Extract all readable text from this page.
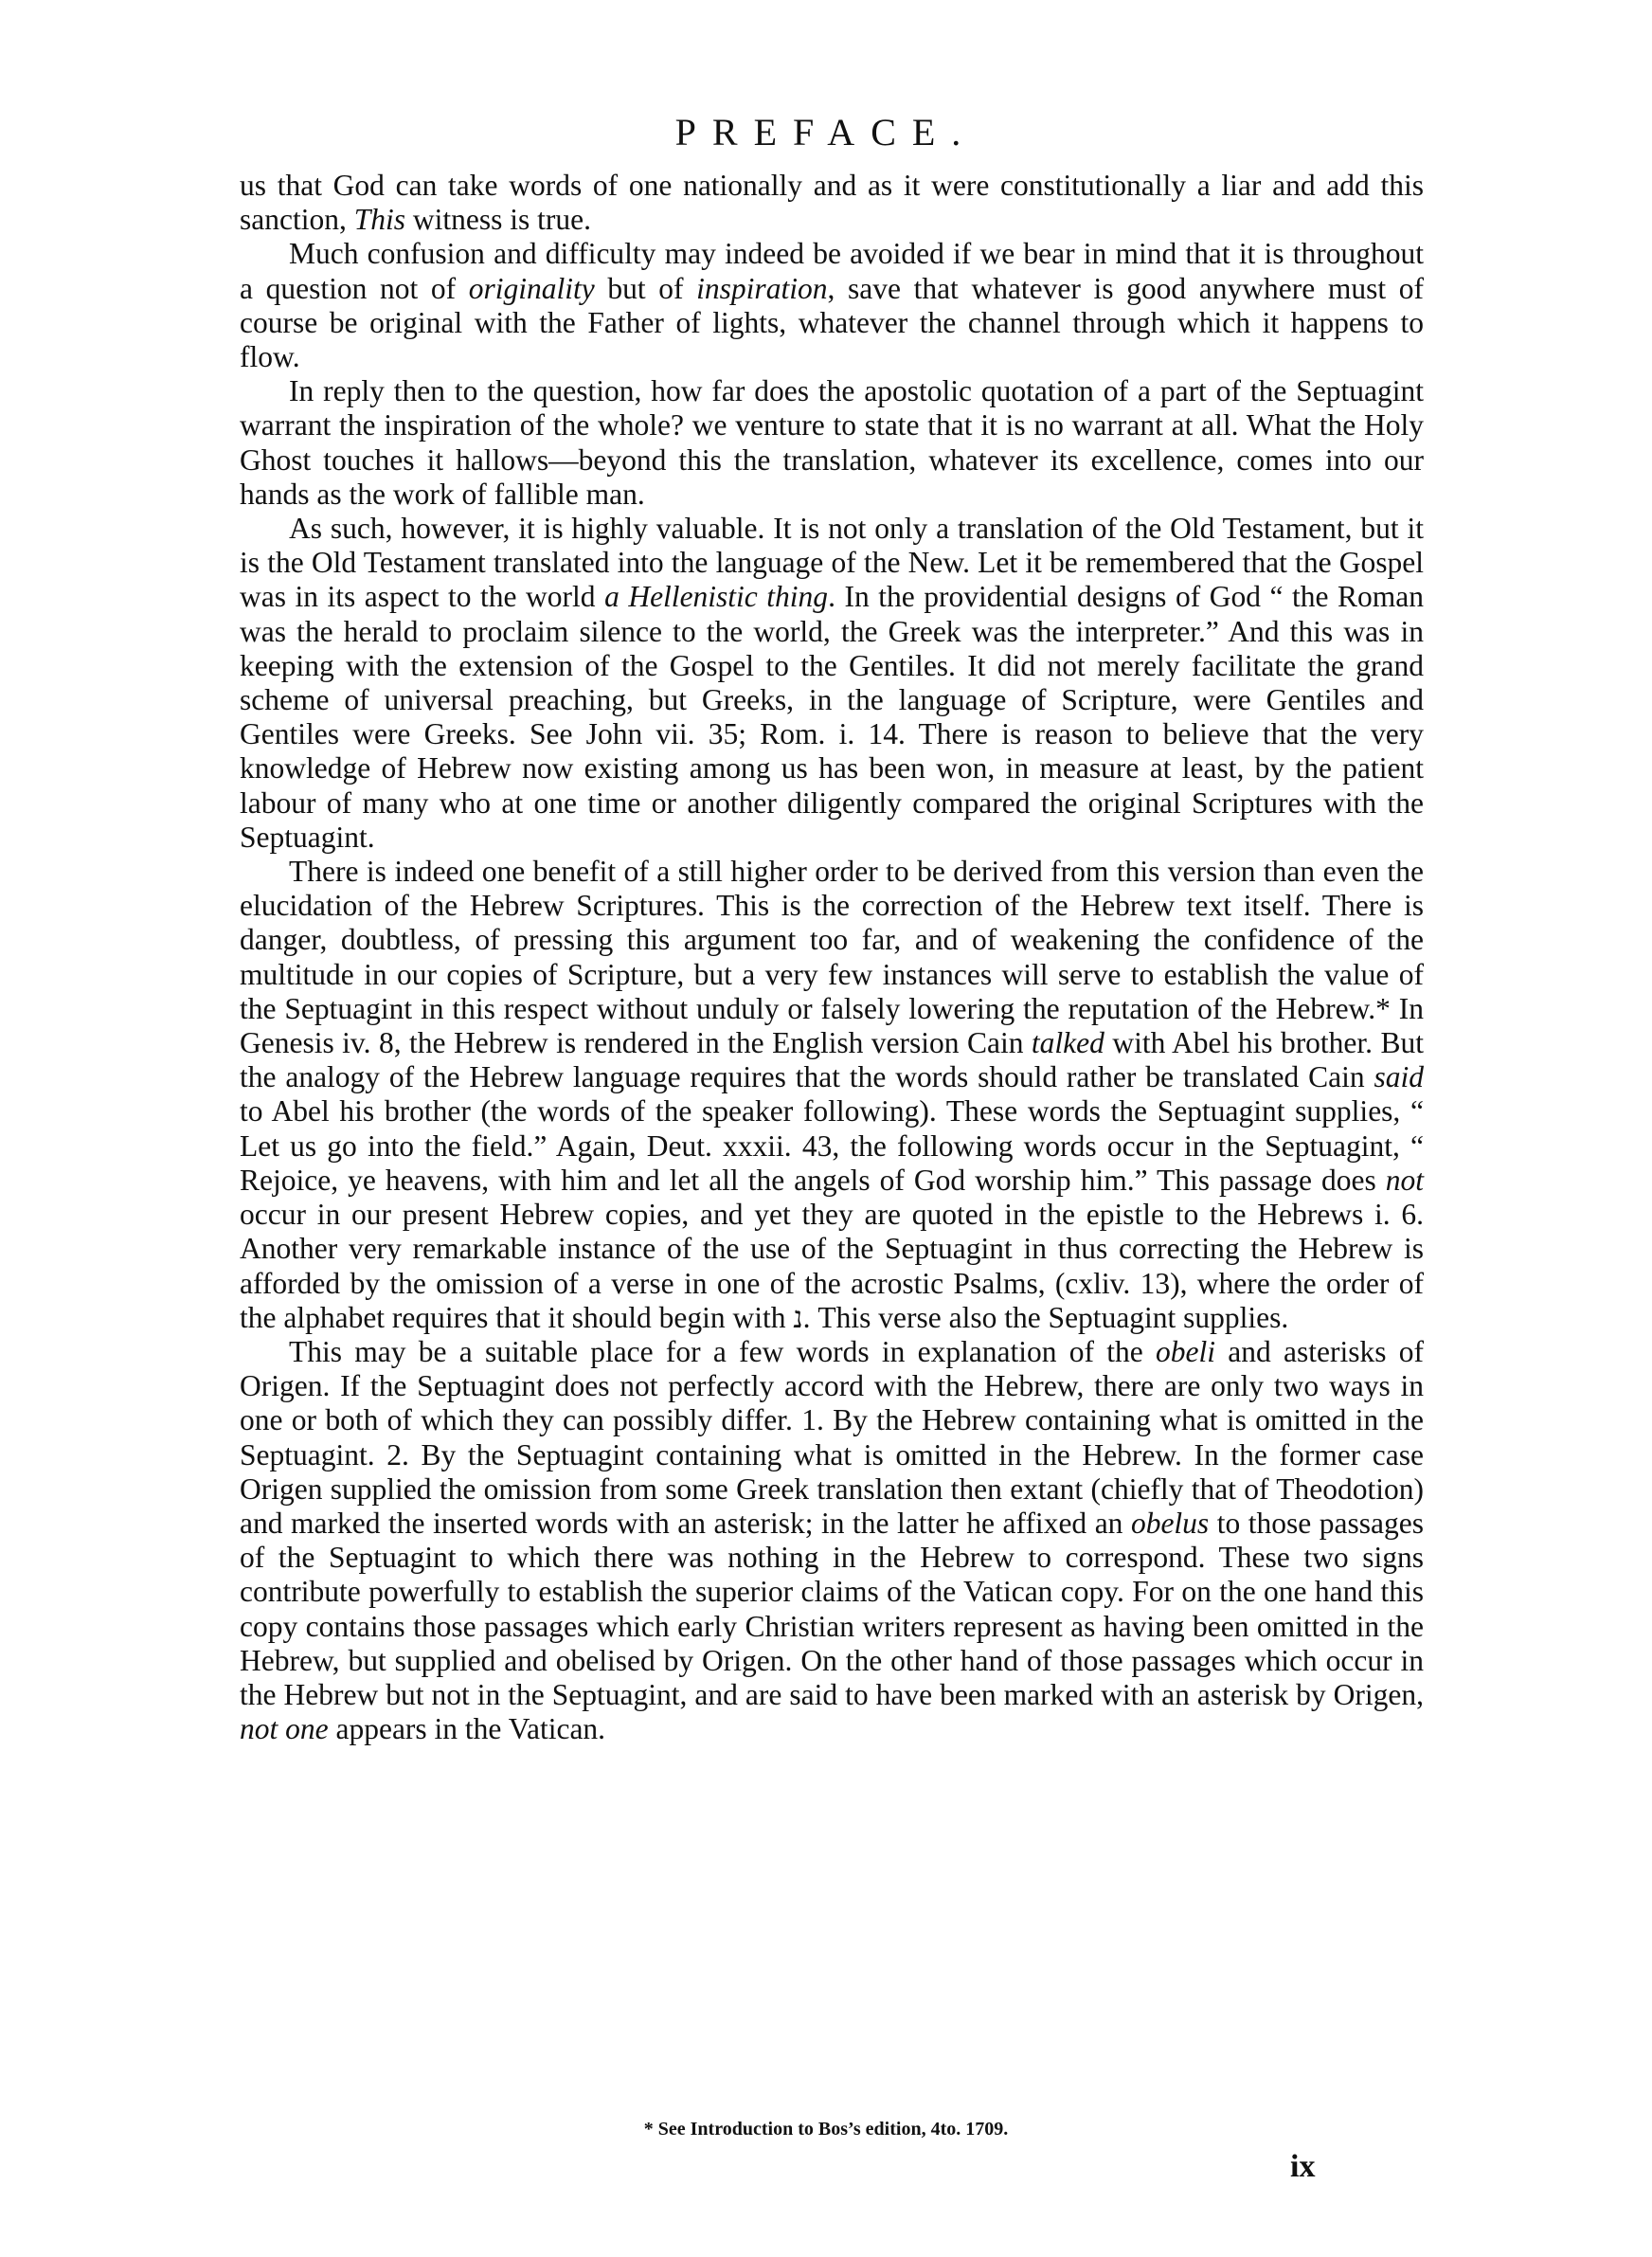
PREFACE.

us that God can take words of one nationally and as it were constitutionally a liar and add this sanction, This witness is true.

Much confusion and difficulty may indeed be avoided if we bear in mind that it is throughout a question not of originality but of inspiration, save that whatever is good anywhere must of course be original with the Father of lights, whatever the channel through which it happens to flow.

In reply then to the question, how far does the apostolic quotation of a part of the Septuagint warrant the inspiration of the whole? we venture to state that it is no warrant at all. What the Holy Ghost touches it hallows—beyond this the translation, whatever its excellence, comes into our hands as the work of fallible man.

As such, however, it is highly valuable. It is not only a translation of the Old Testament, but it is the Old Testament translated into the language of the New. Let it be remembered that the Gospel was in its aspect to the world a Hellenistic thing. In the providential designs of God “ the Roman was the herald to proclaim silence to the world, the Greek was the interpreter.” And this was in keeping with the extension of the Gospel to the Gentiles. It did not merely facilitate the grand scheme of universal preaching, but Greeks, in the language of Scripture, were Gentiles and Gentiles were Greeks. See John vii. 35; Rom. i. 14. There is reason to believe that the very knowledge of Hebrew now existing among us has been won, in measure at least, by the patient labour of many who at one time or another diligently compared the original Scriptures with the Septuagint.

There is indeed one benefit of a still higher order to be derived from this version than even the elucidation of the Hebrew Scriptures. This is the correction of the Hebrew text itself. There is danger, doubtless, of pressing this argument too far, and of weakening the confidence of the multitude in our copies of Scripture, but a very few instances will serve to establish the value of the Septuagint in this respect without unduly or falsely lowering the reputation of the Hebrew.* In Genesis iv. 8, the Hebrew is rendered in the English version Cain talked with Abel his brother. But the analogy of the Hebrew language requires that the words should rather be translated Cain said to Abel his brother (the words of the speaker following). These words the Septuagint supplies, “ Let us go into the field.” Again, Deut. xxxii. 43, the following words occur in the Septuagint, “ Rejoice, ye heavens, with him and let all the angels of God worship him.” This passage does not occur in our present Hebrew copies, and yet they are quoted in the epistle to the Hebrews i. 6. Another very remarkable instance of the use of the Septuagint in thus correcting the Hebrew is afforded by the omission of a verse in one of the acrostic Psalms, (cxliv. 13), where the order of the alphabet requires that it should begin with נ. This verse also the Septuagint supplies.

This may be a suitable place for a few words in explanation of the obeli and asterisks of Origen. If the Septuagint does not perfectly accord with the Hebrew, there are only two ways in one or both of which they can possibly differ. 1. By the Hebrew containing what is omitted in the Septuagint. 2. By the Septuagint containing what is omitted in the Hebrew. In the former case Origen supplied the omission from some Greek translation then extant (chiefly that of Theodotion) and marked the inserted words with an asterisk; in the latter he affixed an obelus to those passages of the Septuagint to which there was nothing in the Hebrew to correspond. These two signs contribute powerfully to establish the superior claims of the Vatican copy. For on the one hand this copy contains those passages which early Christian writers represent as having been omitted in the Hebrew, but supplied and obelised by Origen. On the other hand of those passages which occur in the Hebrew but not in the Septuagint, and are said to have been marked with an asterisk by Origen, not one appears in the Vatican.

* See Introduction to Bos’s edition, 4to. 1709.
ix
